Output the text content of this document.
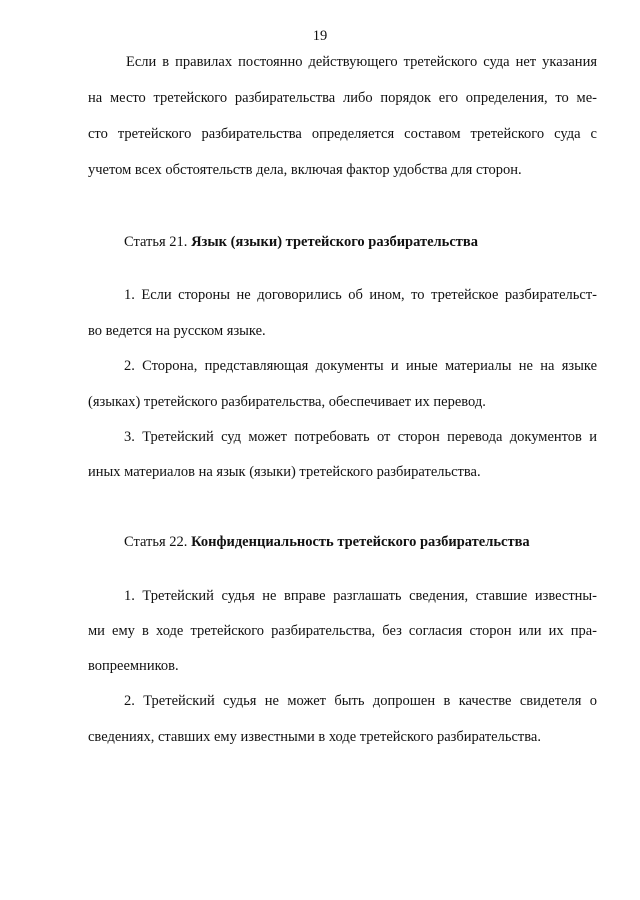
19
Если в правилах постоянно действующего третейского суда нет указания
на место третейского разбирательства либо порядок его определения, то ме-
сто третейского разбирательства определяется составом третейского суда с
учетом всех обстоятельств дела, включая фактор удобства для сторон.
Статья 21. Язык (языки) третейского разбирательства
1. Если стороны не договорились об ином, то третейское разбирательст-
во ведется на русском языке.
2. Сторона, представляющая документы и иные материалы не на языке
(языках) третейского разбирательства, обеспечивает их перевод.
3. Третейский суд может потребовать от сторон перевода документов и
иных материалов на язык (языки) третейского разбирательства.
Статья 22. Конфиденциальность третейского разбирательства
1. Третейский судья не вправе разглашать сведения, ставшие известны-
ми ему в ходе третейского разбирательства, без согласия сторон или их пра-
вопреемников.
2. Третейский судья не может быть допрошен в качестве свидетеля о
сведениях, ставших ему известными в ходе третейского разбирательства.
